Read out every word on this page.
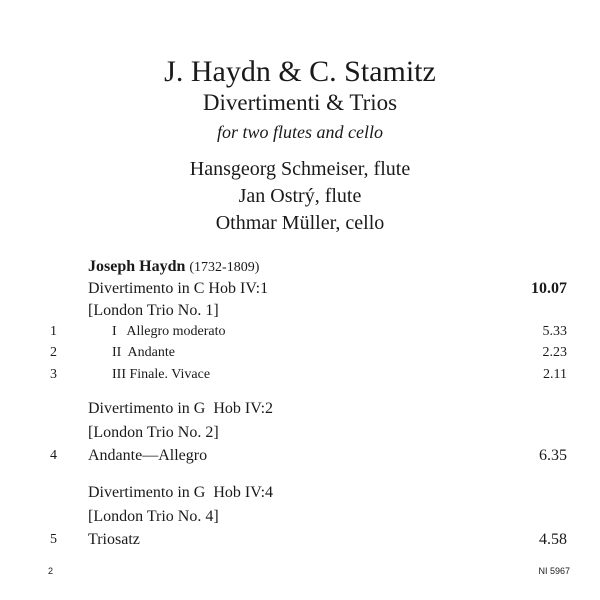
J. Haydn & C. Stamitz
Divertimenti & Trios
for two flutes and cello
Hansgeorg Schmeiser, flute
Jan Ostrý, flute
Othmar Müller, cello
Joseph Haydn (1732-1809)
Divertimento in C Hob IV:1	10.07
[London Trio No. 1]
1	I   Allegro moderato	5.33
2	II  Andante	2.23
3	III Finale. Vivace	2.11
Divertimento in G  Hob IV:2
[London Trio No. 2]
4 Andante—Allegro	6.35
Divertimento in G  Hob IV:4
[London Trio No. 4]
5 Triosatz	4.58
2	NI 5967
